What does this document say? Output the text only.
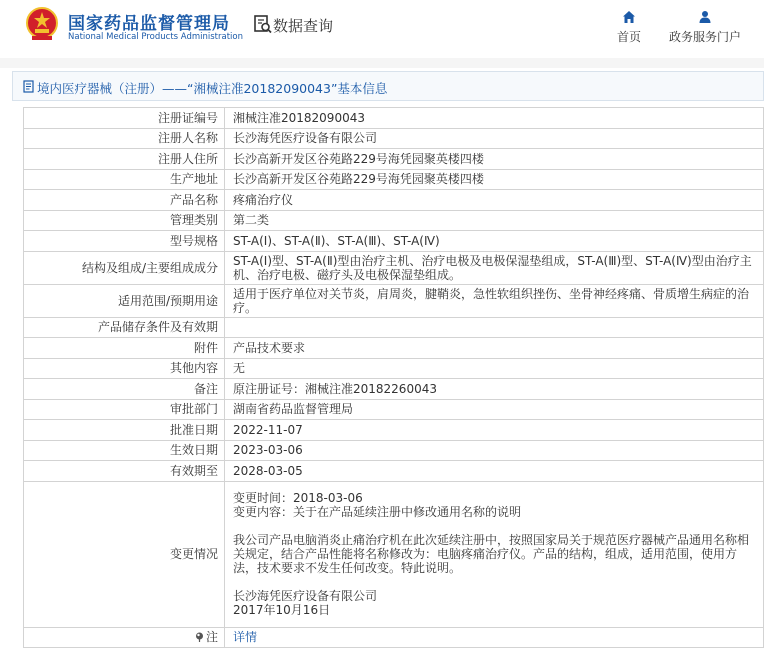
国家药品监督管理局
National Medical Products Administration
数据查询
首页	政务服务门户
境内医疗器械（注册）——“湘械注准20182090043”基本信息
注册证编号	湘械注准20182090043
注册人名称	长沙海凭医疗设备有限公司
注册人住所	长沙高新开发区谷苑路229号海凭园聚英楼四楼
生产地址	长沙高新开发区谷苑路229号海凭园聚英楼四楼
产品名称	疼痛治疗仪
管理类别	第二类
型号规格	ST-A(Ⅰ)、ST-A(Ⅱ)、ST-A(Ⅲ)、ST-A(Ⅳ)
结构及组成/主要组成成分	ST-A(Ⅰ)型、ST-A(Ⅱ)型由治疗主机、治疗电极及电极保湿垫组成，ST-A(Ⅲ)型、ST-A(Ⅳ)型由治疗主机、治疗电极、磁疗头及电极保湿垫组成。
适用范围/预期用途	适用于医疗单位对关节炎，肩周炎，腱鞘炎，急性软组织挫伤、坐骨神经疼痛、骨质增生病症的治疗。
产品储存条件及有效期	
附件	产品技术要求
其他内容	无
备注	原注册证号：湘械注准20182260043
审批部门	湖南省药品监督管理局
批准日期	2022-11-07
生效日期	2023-03-06
有效期至	2028-03-05
变更情况	变更时间：2018-03-06
变更内容：关于在产品延续注册中修改通用名称的说明

我公司产品电脑消炎止痛治疗机在此次延续注册中，按照国家局关于规范医疗器械产品通用名称相关规定，结合产品性能将名称修改为：电脑疼痛治疗仪。产品的结构，组成，适用范围，使用方法，技术要求不发生任何改变。特此说明。

长沙海凭医疗设备有限公司
2017年10月16日
注	详情
